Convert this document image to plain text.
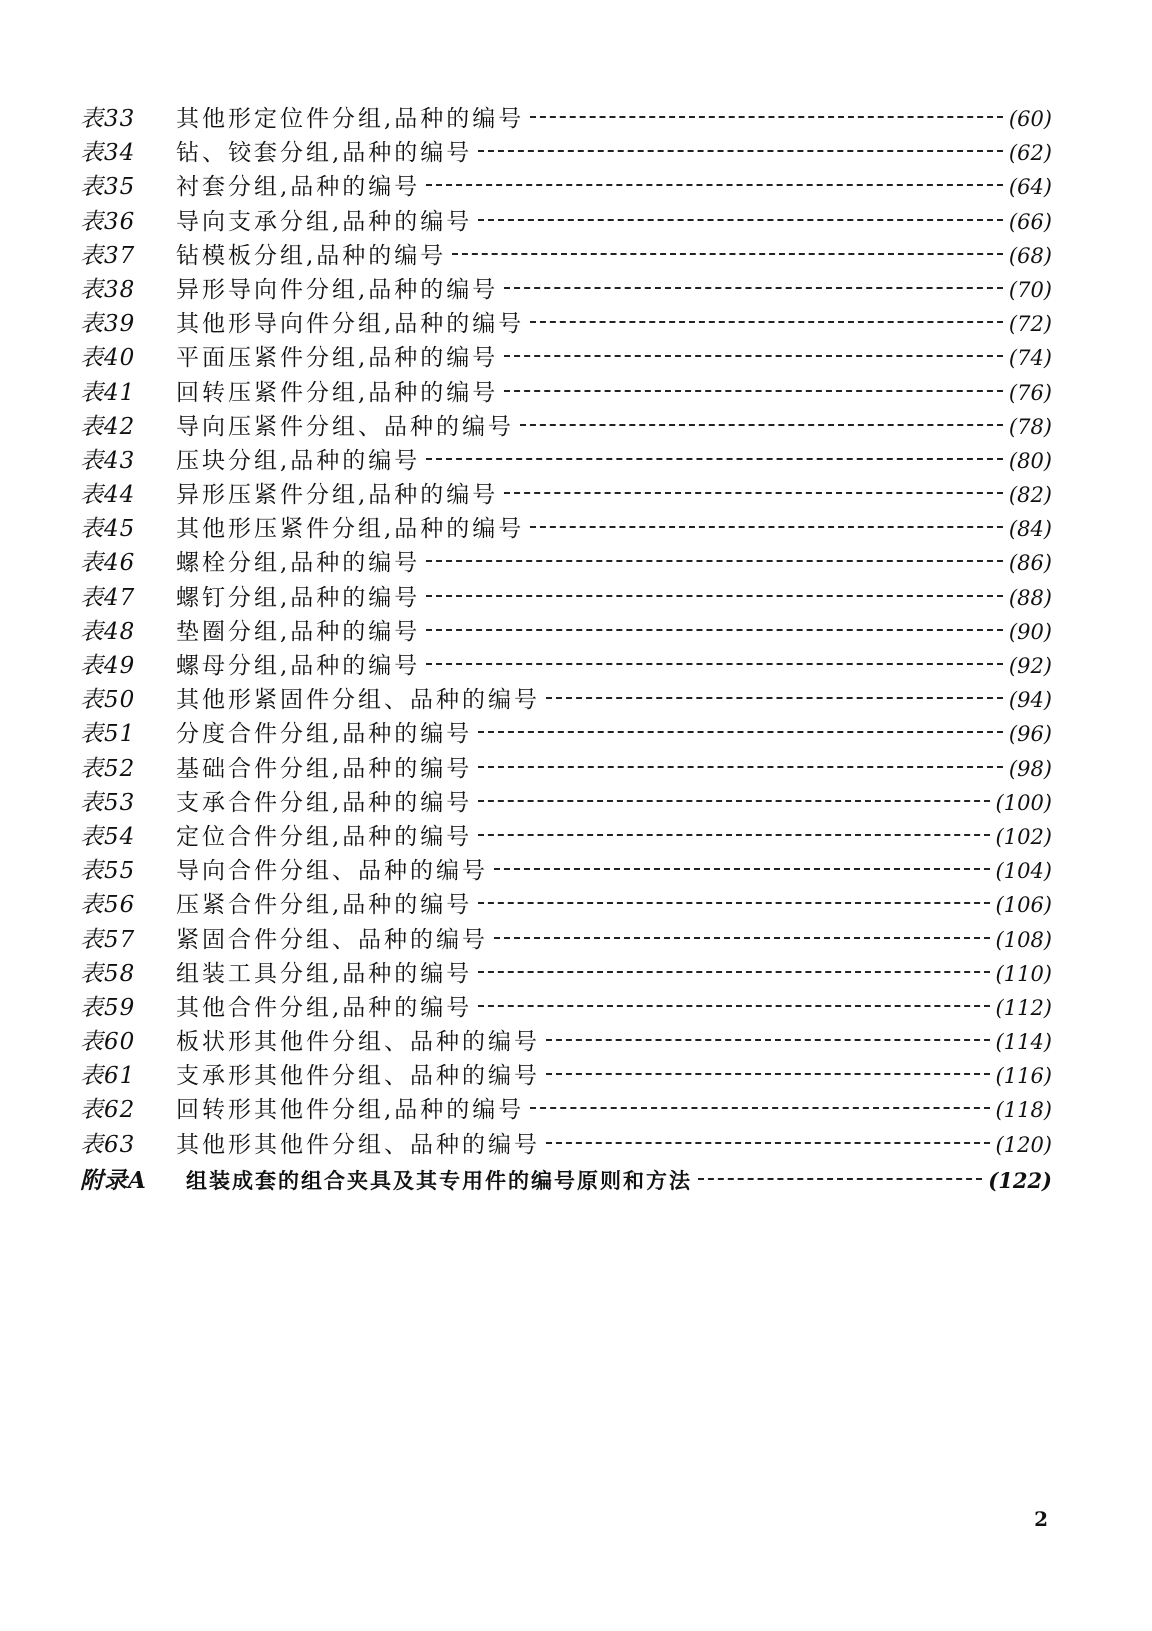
表33	其他形定位件分组,品种的编号	(60)
表34	钻、铰套分组,品种的编号	(62)
表35	衬套分组,品种的编号	(64)
表36	导向支承分组,品种的编号	(66)
表37	钻模板分组,品种的编号	(68)
表38	异形导向件分组,品种的编号	(70)
表39	其他形导向件分组,品种的编号	(72)
表40	平面压紧件分组,品种的编号	(74)
表41	回转压紧件分组,品种的编号	(76)
表42	导向压紧件分组、品种的编号	(78)
表43	压块分组,品种的编号	(80)
表44	异形压紧件分组,品种的编号	(82)
表45	其他形压紧件分组,品种的编号	(84)
表46	螺栓分组,品种的编号	(86)
表47	螺钉分组,品种的编号	(88)
表48	垫圈分组,品种的编号	(90)
表49	螺母分组,品种的编号	(92)
表50	其他形紧固件分组、品种的编号	(94)
表51	分度合件分组,品种的编号	(96)
表52	基础合件分组,品种的编号	(98)
表53	支承合件分组,品种的编号	(100)
表54	定位合件分组,品种的编号	(102)
表55	导向合件分组、品种的编号	(104)
表56	压紧合件分组,品种的编号	(106)
表57	紧固合件分组、品种的编号	(108)
表58	组装工具分组,品种的编号	(110)
表59	其他合件分组,品种的编号	(112)
表60	板状形其他件分组、品种的编号	(114)
表61	支承形其他件分组、品种的编号	(116)
表62	回转形其他件分组,品种的编号	(118)
表63	其他形其他件分组、品种的编号	(120)
附录A	组装成套的组合夹具及其专用件的编号原则和方法	(122)
2
